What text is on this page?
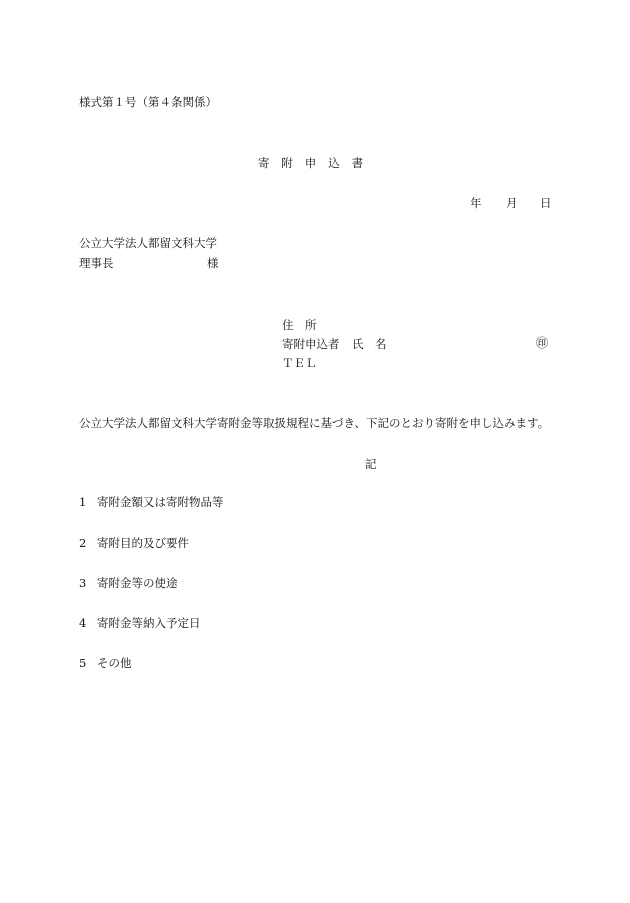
様式第１号（第４条関係）
寄　附　申　込　書
年 月 日
公立大学法人都留文科大学
理事長	様
住　所
寄附申込者 氏　名	㊞
ＴＥＬ
公立大学法人都留文科大学寄附金等取扱規程に基づき、下記のとおり寄附を申し込みます。
記
1 寄附金額又は寄附物品等
2 寄附目的及び要件
3 寄附金等の使途
4 寄附金等納入予定日
5 その他
